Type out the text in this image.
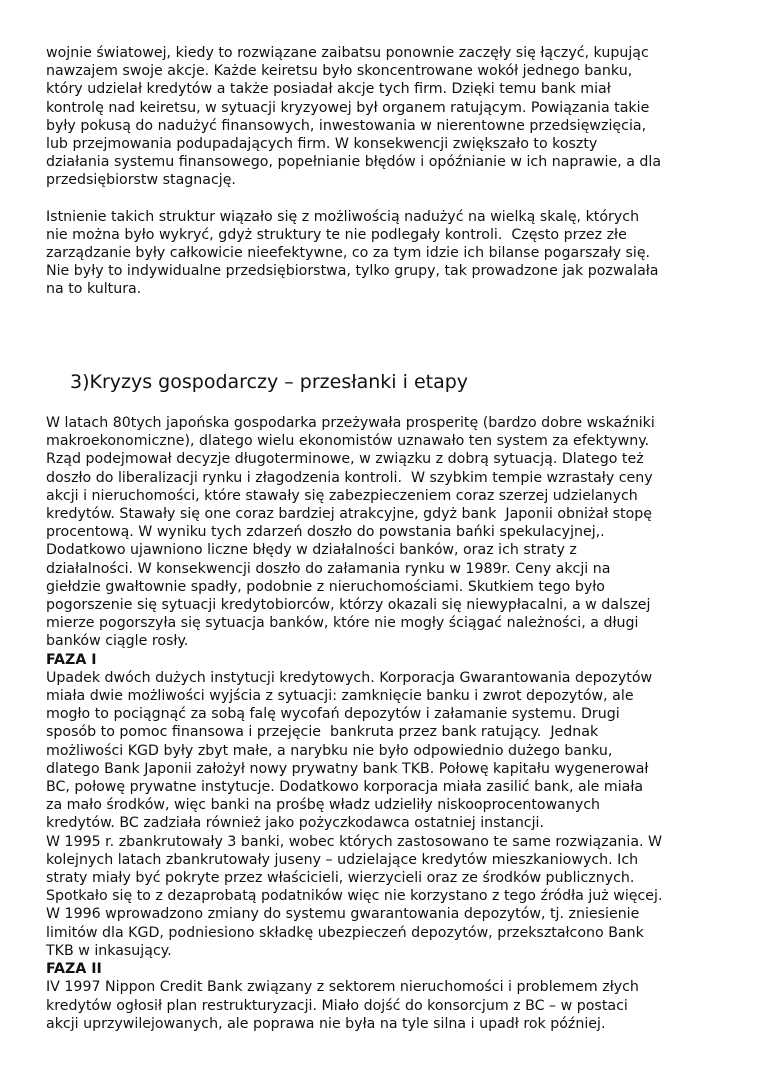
wojnie światowej, kiedy to rozwiązane zaibatsu ponownie zaczęły się łączyć, kupując
nawzajem swoje akcje. Każde keiretsu było skoncentrowane wokół jednego banku,
który udzielał kredytów a także posiadał akcje tych firm. Dzięki temu bank miał
kontrolę nad keiretsu, w sytuacji kryzyowej był organem ratującym. Powiązania takie
były pokusą do nadużyć finansowych, inwestowania w nierentowne przedsięwzięcia,
lub przejmowania podupadających firm. W konsekwencji zwiększało to koszty
działania systemu finansowego, popełnianie błędów i opóźnianie w ich naprawie, a dla
przedsiębiorstw stagnację.
Istnienie takich struktur wiązało się z możliwością nadużyć na wielką skalę, których
nie można było wykryć, gdyż struktury te nie podlegały kontroli.  Często przez złe
zarządzanie były całkowicie nieefektywne, co za tym idzie ich bilanse pogarszały się.
Nie były to indywidualne przedsiębiorstwa, tylko grupy, tak prowadzone jak pozwalała
na to kultura.
3)Kryzys gospodarczy – przesłanki i etapy
W latach 80tych japońska gospodarka przeżywała prosperitę (bardzo dobre wskaźniki
makroekonomiczne), dlatego wielu ekonomistów uznawało ten system za efektywny.
Rząd podejmował decyzje długoterminowe, w związku z dobrą sytuacją. Dlatego też
doszło do liberalizacji rynku i złagodzenia kontroli.  W szybkim tempie wzrastały ceny
akcji i nieruchomości, które stawały się zabezpieczeniem coraz szerzej udzielanych
kredytów. Stawały się one coraz bardziej atrakcyjne, gdyż bank  Japonii obniżał stopę
procentową. W wyniku tych zdarzeń doszło do powstania bańki spekulacyjnej,.
Dodatkowo ujawniono liczne błędy w działalności banków, oraz ich straty z
działalności. W konsekwencji doszło do załamania rynku w 1989r. Ceny akcji na
giełdzie gwałtownie spadły, podobnie z nieruchomościami. Skutkiem tego było
pogorszenie się sytuacji kredytobiorców, którzy okazali się niewypłacalni, a w dalszej
mierze pogorszyła się sytuacja banków, które nie mogły ściągać należności, a długi
banków ciągle rosły.
FAZA I
Upadek dwóch dużych instytucji kredytowych. Korporacja Gwarantowania depozytów
miała dwie możliwości wyjścia z sytuacji: zamknięcie banku i zwrot depozytów, ale
mogło to pociągnąć za sobą falę wycofań depozytów i załamanie systemu. Drugi
sposób to pomoc finansowa i przejęcie  bankruta przez bank ratujący.  Jednak
możliwości KGD były zbyt małe, a narybku nie było odpowiednio dużego banku,
dlatego Bank Japonii założył nowy prywatny bank TKB. Połowę kapitału wygenerował
BC, połowę prywatne instytucje. Dodatkowo korporacja miała zasilić bank, ale miała
za mało środków, więc banki na prośbę władz udzieliły niskooprocentowanych
kredytów. BC zadziała również jako pożyczkodawca ostatniej instancji.
W 1995 r. zbankrutowały 3 banki, wobec których zastosowano te same rozwiązania. W
kolejnych latach zbankrutowały juseny – udzielające kredytów mieszkaniowych. Ich
straty miały być pokryte przez właścicieli, wierzycieli oraz ze środków publicznych.
Spotkało się to z dezaprobatą podatników więc nie korzystano z tego źródła już więcej.
W 1996 wprowadzono zmiany do systemu gwarantowania depozytów, tj. zniesienie
limitów dla KGD, podniesiono składkę ubezpieczeń depozytów, przekształcono Bank
TKB w inkasujący.
FAZA II
IV 1997 Nippon Credit Bank związany z sektorem nieruchomości i problemem złych
kredytów ogłosił plan restrukturyzacji. Miało dojść do konsorcjum z BC – w postaci
akcji uprzywilejowanych, ale poprawa nie była na tyle silna i upadł rok później.
